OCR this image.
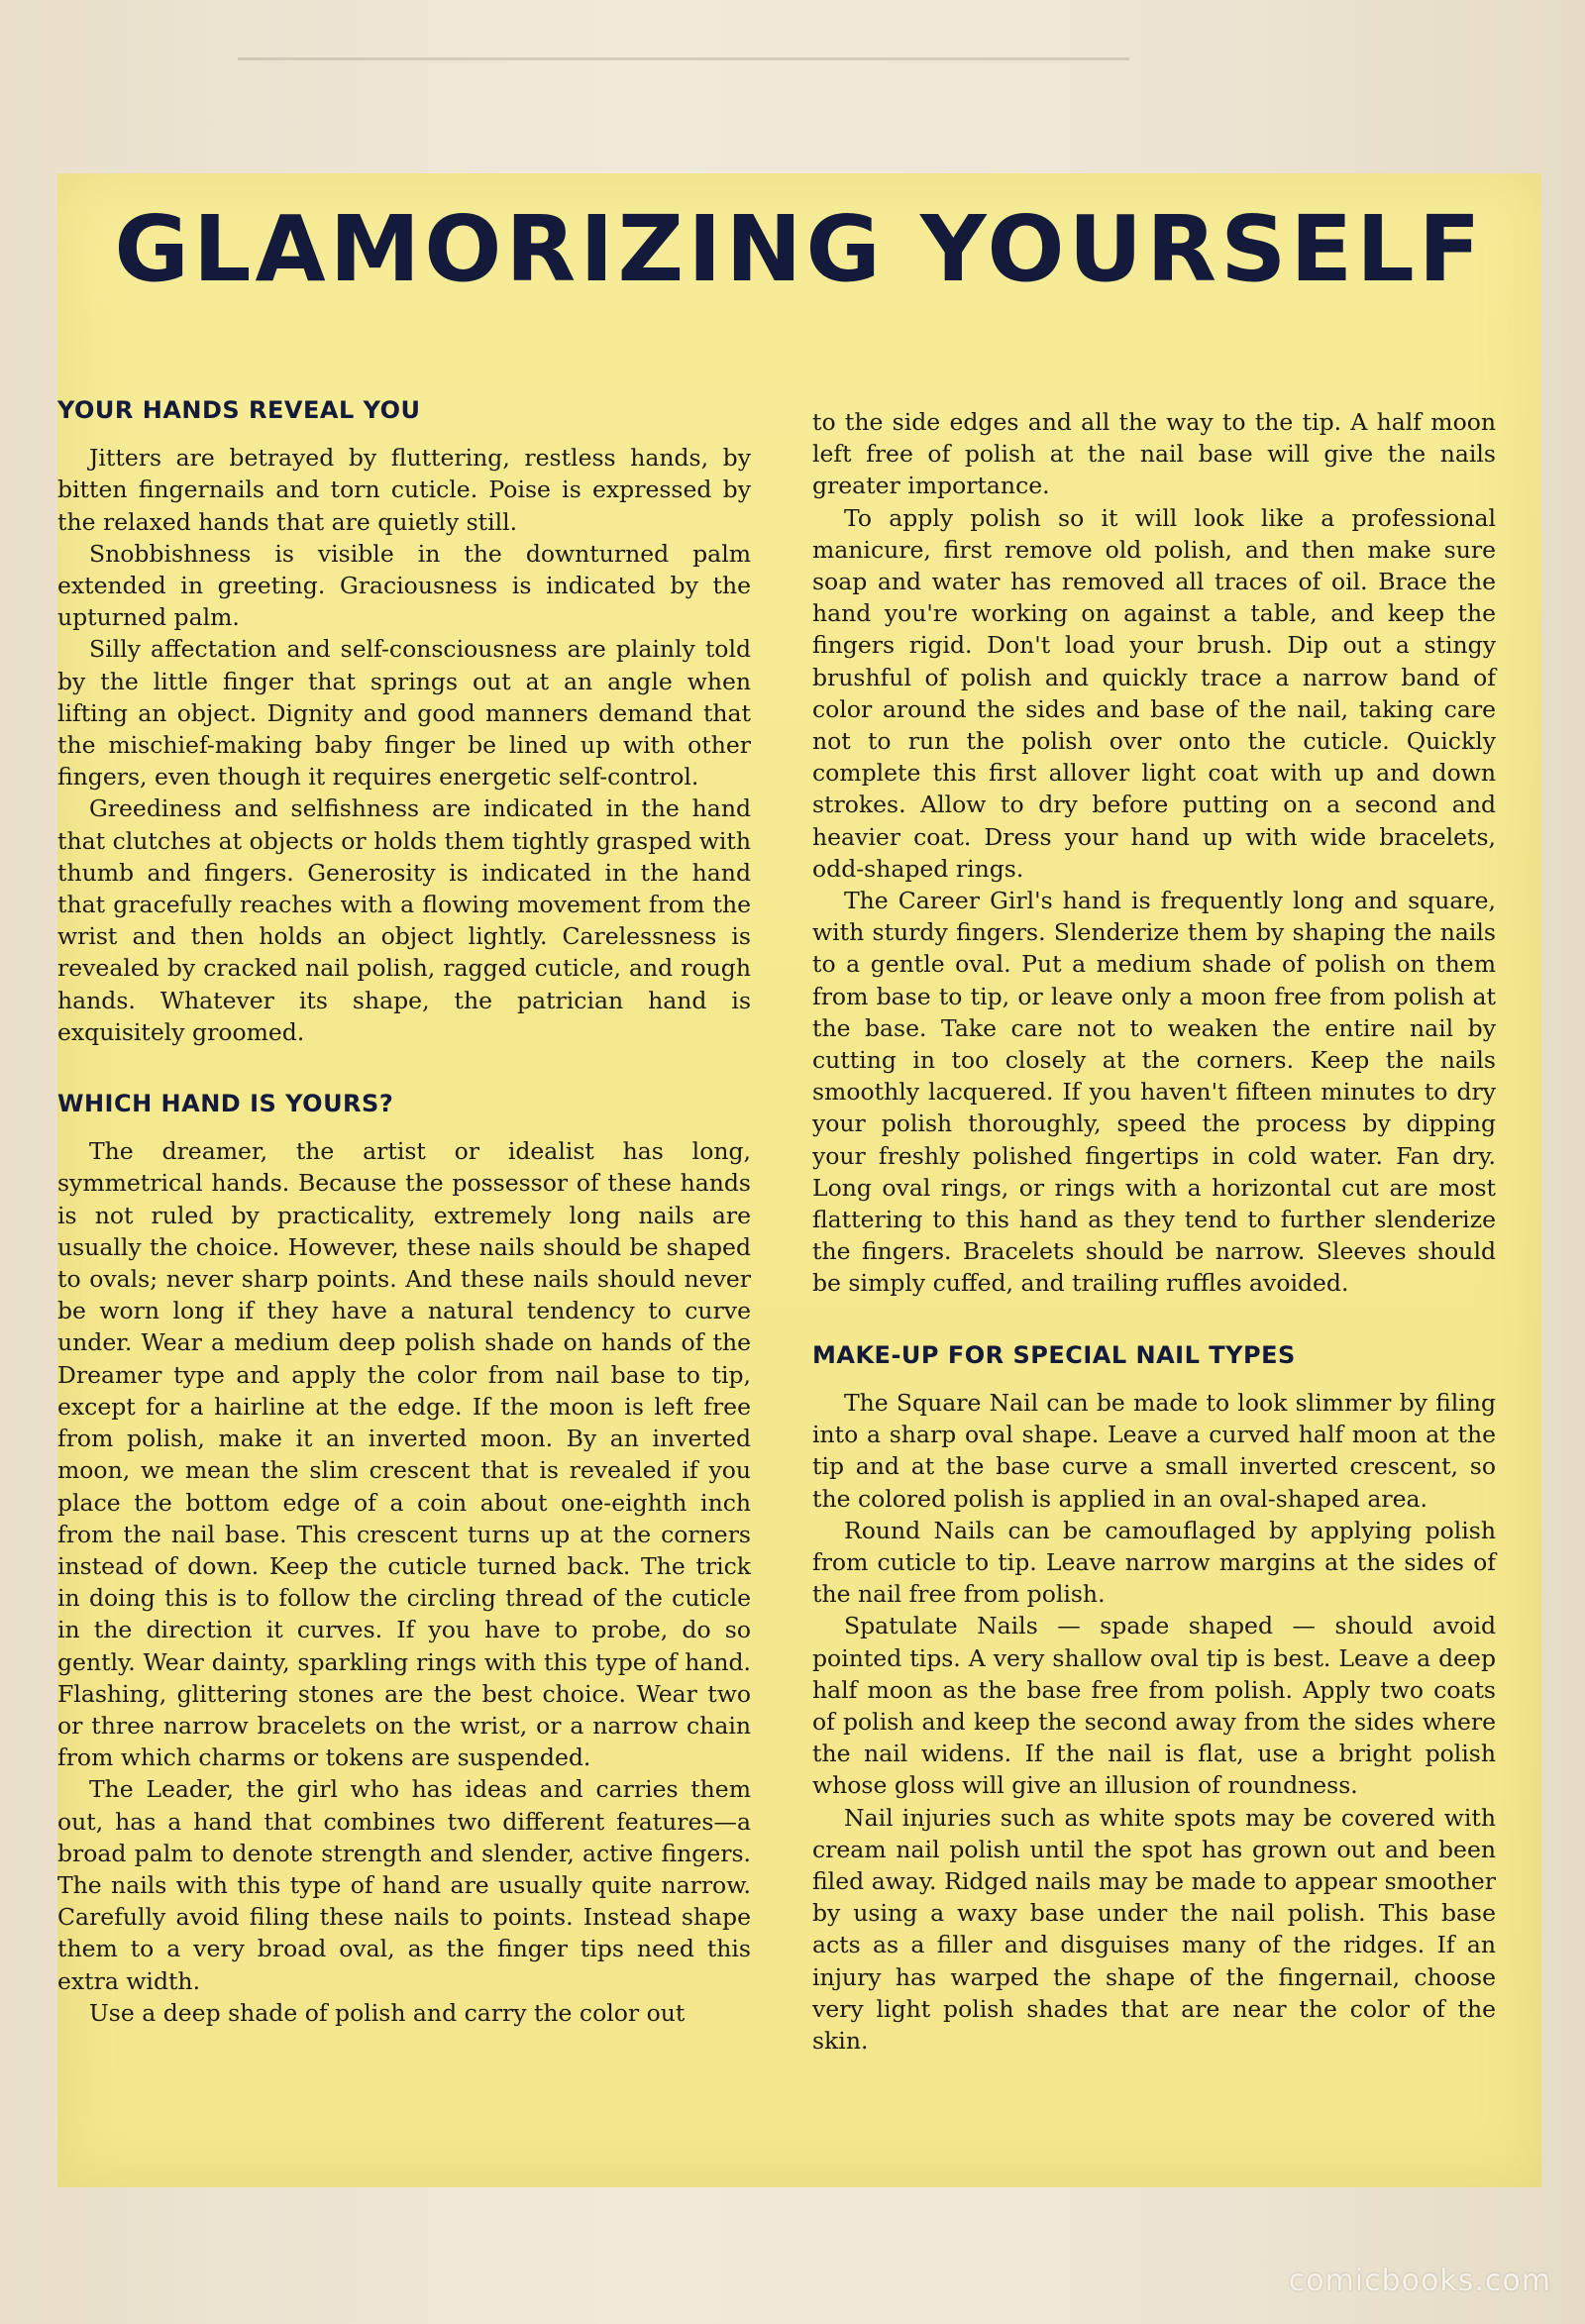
GLAMORIZING YOURSELF
YOUR HANDS REVEAL YOU

Jitters are betrayed by fluttering, restless hands, by bitten fingernails and torn cuticle. Poise is expressed by the relaxed hands that are quietly still.

Snobbishness is visible in the downturned palm extended in greeting. Graciousness is indicated by the upturned palm.

Silly affectation and self-consciousness are plainly told by the little finger that springs out at an angle when lifting an object. Dignity and good manners demand that the mischief-making baby finger be lined up with other fingers, even though it requires energetic self-control.

Greediness and selfishness are indicated in the hand that clutches at objects or holds them tightly grasped with thumb and fingers. Generosity is indicated in the hand that gracefully reaches with a flowing movement from the wrist and then holds an object lightly. Carelessness is revealed by cracked nail polish, ragged cuticle, and rough hands. Whatever its shape, the patrician hand is exquisitely groomed.

WHICH HAND IS YOURS?

The dreamer, the artist or idealist has long, symmetrical hands. Because the possessor of these hands is not ruled by practicality, extremely long nails are usually the choice. However, these nails should be shaped to ovals; never sharp points. And these nails should never be worn long if they have a natural tendency to curve under. Wear a medium deep polish shade on hands of the Dreamer type and apply the color from nail base to tip, except for a hairline at the edge. If the moon is left free from polish, make it an inverted moon. By an inverted moon, we mean the slim crescent that is revealed if you place the bottom edge of a coin about one-eighth inch from the nail base. This crescent turns up at the corners instead of down. Keep the cuticle turned back. The trick in doing this is to follow the circling thread of the cuticle in the direction it curves. If you have to probe, do so gently. Wear dainty, sparkling rings with this type of hand. Flashing, glittering stones are the best choice. Wear two or three narrow bracelets on the wrist, or a narrow chain from which charms or tokens are suspended.

The Leader, the girl who has ideas and carries them out, has a hand that combines two different features—a broad palm to denote strength and slender, active fingers. The nails with this type of hand are usually quite narrow. Carefully avoid filing these nails to points. Instead shape them to a very broad oval, as the finger tips need this extra width.

Use a deep shade of polish and carry the color out

to the side edges and all the way to the tip. A half moon left free of polish at the nail base will give the nails greater importance.

To apply polish so it will look like a professional manicure, first remove old polish, and then make sure soap and water has removed all traces of oil. Brace the hand you're working on against a table, and keep the fingers rigid. Don't load your brush. Dip out a stingy brushful of polish and quickly trace a narrow band of color around the sides and base of the nail, taking care not to run the polish over onto the cuticle. Quickly complete this first allover light coat with up and down strokes. Allow to dry before putting on a second and heavier coat. Dress your hand up with wide bracelets, odd-shaped rings.

The Career Girl's hand is frequently long and square, with sturdy fingers. Slenderize them by shaping the nails to a gentle oval. Put a medium shade of polish on them from base to tip, or leave only a moon free from polish at the base. Take care not to weaken the entire nail by cutting in too closely at the corners. Keep the nails smoothly lacquered. If you haven't fifteen minutes to dry your polish thoroughly, speed the process by dipping your freshly polished fingertips in cold water. Fan dry. Long oval rings, or rings with a horizontal cut are most flattering to this hand as they tend to further slenderize the fingers. Bracelets should be narrow. Sleeves should be simply cuffed, and trailing ruffles avoided.

MAKE-UP FOR SPECIAL NAIL TYPES

The Square Nail can be made to look slimmer by filing into a sharp oval shape. Leave a curved half moon at the tip and at the base curve a small inverted crescent, so the colored polish is applied in an oval-shaped area.

Round Nails can be camouflaged by applying polish from cuticle to tip. Leave narrow margins at the sides of the nail free from polish.

Spatulate Nails — spade shaped — should avoid pointed tips. A very shallow oval tip is best. Leave a deep half moon as the base free from polish. Apply two coats of polish and keep the second away from the sides where the nail widens. If the nail is flat, use a bright polish whose gloss will give an illusion of roundness.

Nail injuries such as white spots may be covered with cream nail polish until the spot has grown out and been filed away. Ridged nails may be made to appear smoother by using a waxy base under the nail polish. This base acts as a filler and disguises many of the ridges. If an injury has warped the shape of the fingernail, choose very light polish shades that are near the color of the skin.

comicbooks.com
